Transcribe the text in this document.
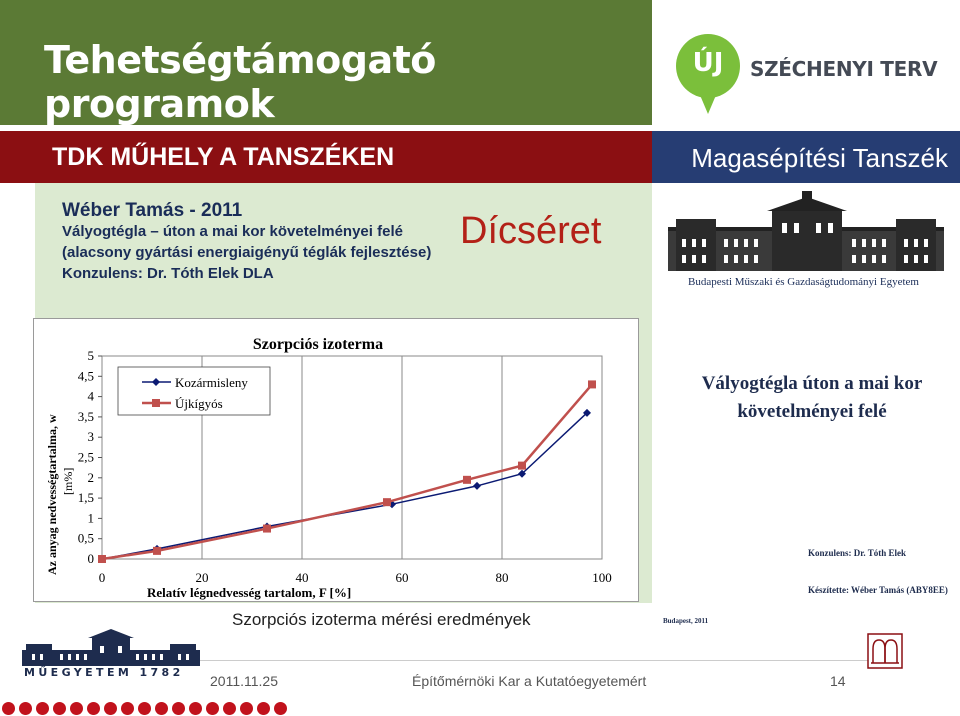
Tehetségtámogató programok
ÚJ	SZÉCHENYI TERV
TDK MŰHELY A TANSZÉKEN	Magasépítési Tanszék
Wéber Tamás - 2011
Vályogtégla – úton a mai kor követelményei felé
(alacsony gyártási energiaigényű téglák fejlesztése)
Konzulens: Dr. Tóth Elek DLA
Dícséret
Budapesti Műszaki és Gazdaságtudományi Egyetem
0	20	40	60	80	100
0
0,5
1
1,5
2
2,5
3
3,5
4
4,5
5
Szorpciós izoterma
Relatív légnedvesség tartalom, F [%]
Az anyag nedvességtartalma, w [m%]
Kozármisleny
Újkígyós
Vályogtégla úton a mai kor
követelményei felé
Konzulens: Dr. Tóth Elek
Készítette: Wéber Tamás (ABY8EE)
Budapest, 2011
Szorpciós izoterma mérési eredmények
2011.11.25	Építőmérnöki Kar a Kutatóegyetemért	14
MŰEGYETEM 1782
